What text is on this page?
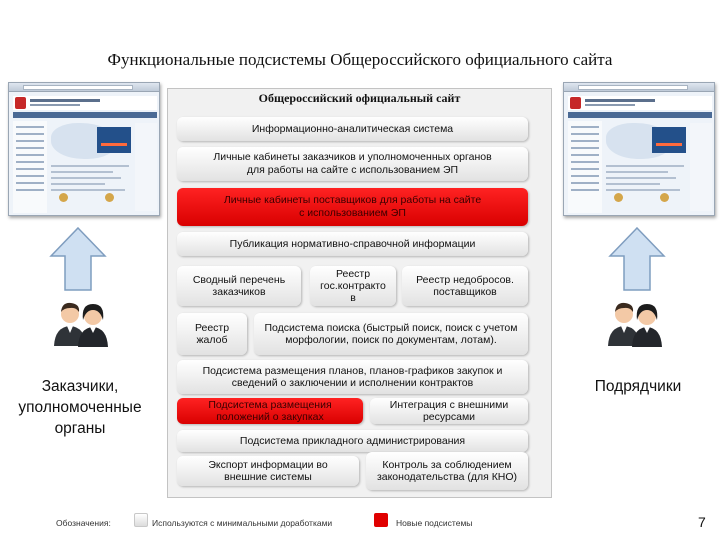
Функциональные подсистемы Общероссийского официального сайта
Заказчики, уполномоченные органы
Подрядчики
Общероссийский официальный сайт
Информационно-аналитическая система
Личные кабинеты заказчиков и уполномоченных органов для работы на сайте с использованием ЭП
Личные кабинеты поставщиков для работы на сайте с использованием ЭП
Публикация нормативно-справочной информации
Сводный перечень заказчиков
Реестр гос.контракто в
Реестр недобросов. поставщиков
Реестр жалоб
Подсистема поиска (быстрый поиск, поиск с учетом морфологии, поиск по документам, лотам).
Подсистема размещения планов, планов-графиков закупок и сведений о заключении и исполнении контрактов
Подсистема размещения положений о закупках
Интеграция с внешними ресурсами
Подсистема прикладного администрирования
Экспорт информации во внешние системы
Контроль за соблюдением законодательства (для КНО)
Обозначения:	Используются с минимальными доработками	Новые подсистемы	7
